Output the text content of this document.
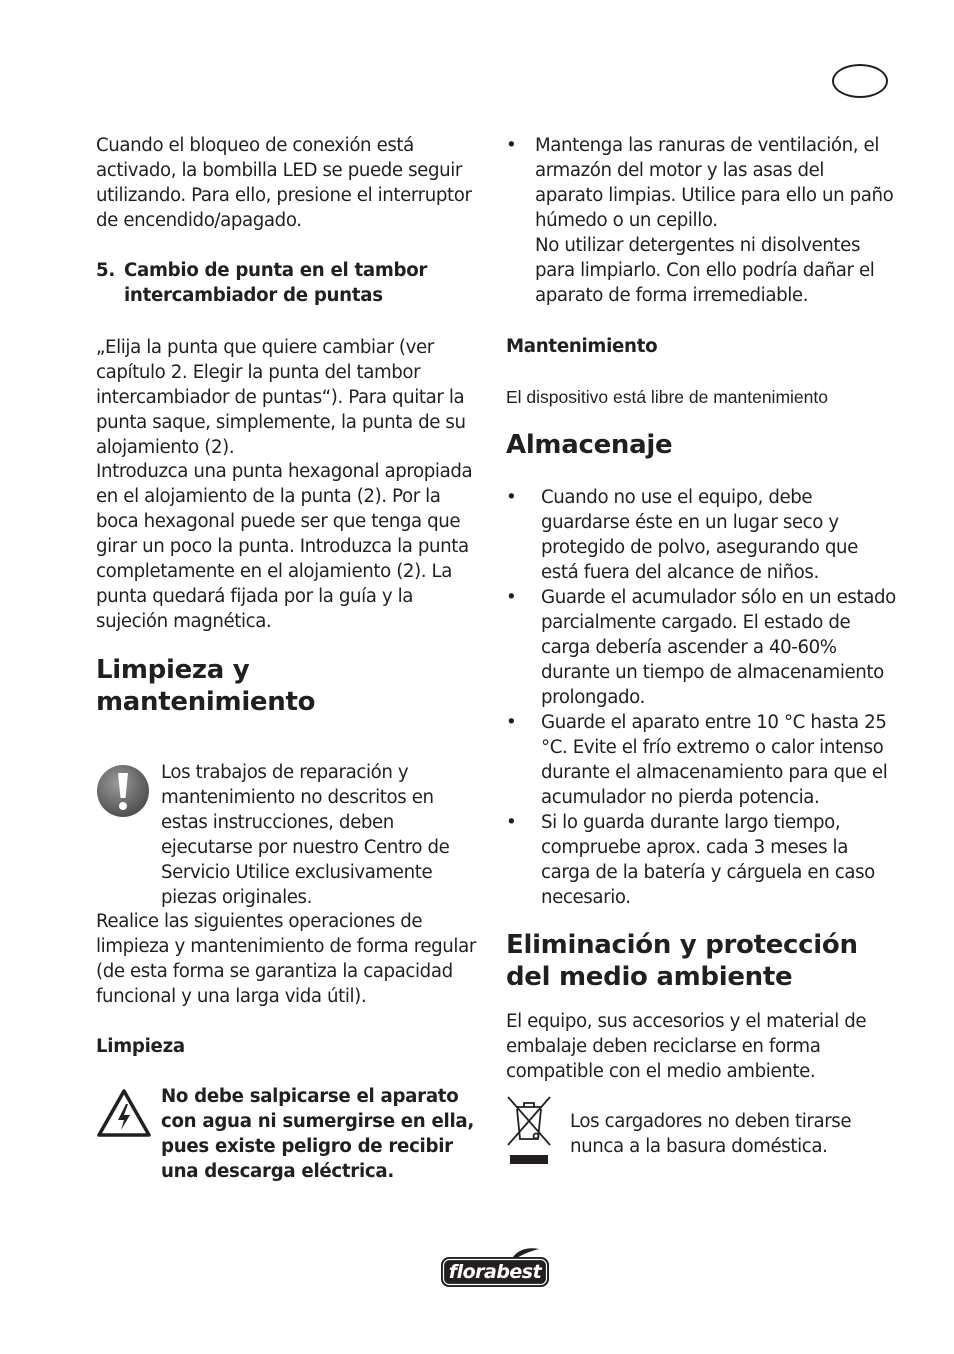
Cuando el bloqueo de conexión está activado, la bombilla LED se puede seguir utilizando. Para ello, presione el interruptor de encendido/apagado.

5. Cambio de punta en el tambor
intercambiador de puntas

„Elija la punta que quiere cambiar (ver capítulo 2. Elegir la punta del tambor intercambiador de puntas“). Para quitar la punta saque, simplemente, la punta de su alojamiento (2).

Introduzca una punta hexagonal apropiada en el alojamiento de la punta (2). Por la boca hexagonal puede ser que tenga que girar un poco la punta. Introduzca la punta completamente en el alojamiento (2). La punta quedará fijada por la guía y la sujeción magnética.

Limpieza y
mantenimiento

Los trabajos de reparación y mantenimiento no descritos en estas instrucciones, deben ejecutarse por nuestro Centro de Servicio Utilice exclusivamente piezas originales.

Realice las siguientes operaciones de limpieza y mantenimiento de forma regular (de esta forma se garantiza la capacidad funcional y una larga vida útil).

Limpieza

No debe salpicarse el aparato con agua ni sumergirse en ella, pues existe peligro de recibir una descarga eléctrica.

• Mantenga las ranuras de ventilación, el armazón del motor y las asas del aparato limpias. Utilice para ello un paño húmedo o un cepillo.
No utilizar detergentes ni disolventes para limpiarlo. Con ello podría dañar el aparato de forma irremediable.
Mantenimiento

El dispositivo está libre de mantenimiento

Almacenaje
• Cuando no use el equipo, debe guardarse éste en un lugar seco y protegido de polvo, asegurando que está fuera del alcance de niños.
• Guarde el acumulador sólo en un estado parcialmente cargado. El estado de carga debería ascender a 40-60% durante un tiempo de almacenamiento prolongado.
• Guarde el aparato entre 10 °C hasta 25 °C. Evite el frío extremo o calor intenso durante el almacenamiento para que el acumulador no pierda potencia.
• Si lo guarda durante largo tiempo, compruebe aprox. cada 3 meses la carga de la batería y cárguela en caso necesario.
Eliminación y protección
del medio ambiente

El equipo, sus accesorios y el material de embalaje deben reciclarse en forma compatible con el medio ambiente.

Los cargadores no deben tirarse nunca a la basura doméstica.

florabest
